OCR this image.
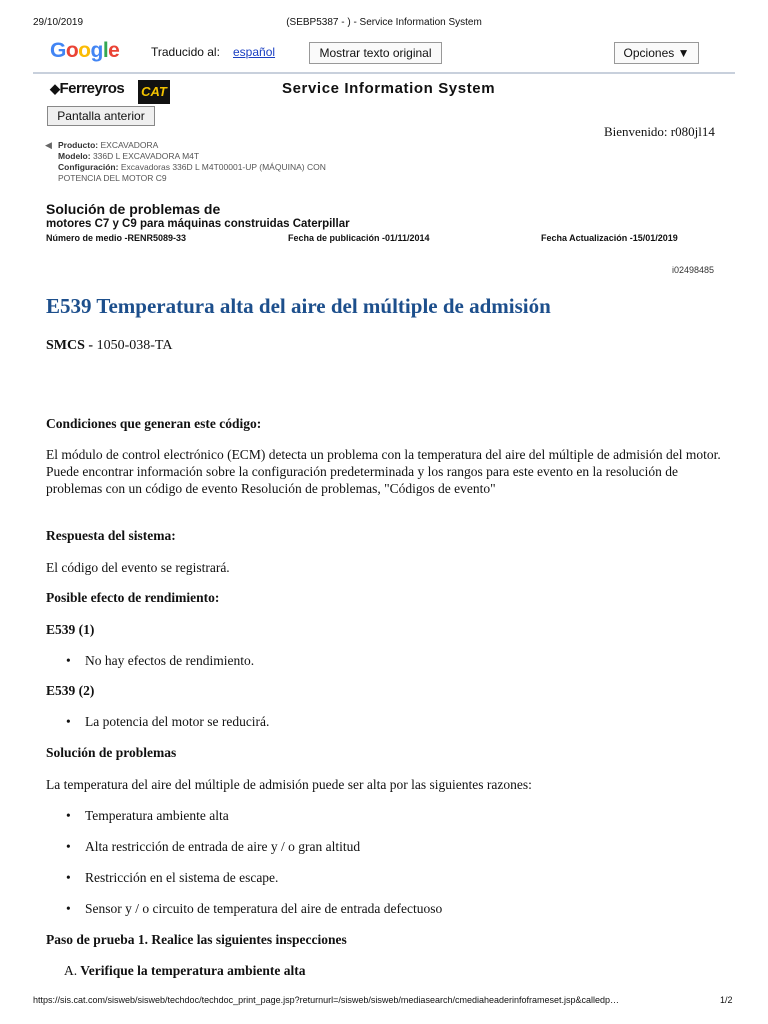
29/10/2019	(SEBP5387 - ) - Service Information System
Google	Traducido al: español	Mostrar texto original	Opciones ▼
◆Ferreyros CAT
Pantalla anterior
Service Information System
Bienvenido: r080jl14
◀ Producto: EXCAVADORA
Modelo: 336D L EXCAVADORA M4T
Configuración: Excavadoras 336D L M4T00001-UP (MÁQUINA) CON
POTENCIA DEL MOTOR C9
Solución de problemas de
motores C7 y C9 para máquinas construidas Caterpillar
Número de medio -RENR5089-33	Fecha de publicación -01/11/2014	Fecha Actualización -15/01/2019
i02498485
E539 Temperatura alta del aire del múltiple de admisión
SMCS - 1050-038-TA
Condiciones que generan este código:
El módulo de control electrónico (ECM) detecta un problema con la temperatura del aire del múltiple de admisión del motor. Puede encontrar información sobre la configuración predeterminada y los rangos para este evento en la resolución de problemas con un código de evento Resolución de problemas, "Códigos de evento"
Respuesta del sistema:
El código del evento se registrará.
Posible efecto de rendimiento:
E539 (1)
• No hay efectos de rendimiento.
E539 (2)
• La potencia del motor se reducirá.
Solución de problemas
La temperatura del aire del múltiple de admisión puede ser alta por las siguientes razones:
• Temperatura ambiente alta
• Alta restricción de entrada de aire y / o gran altitud
• Restricción en el sistema de escape.
• Sensor y / o circuito de temperatura del aire de entrada defectuoso
Paso de prueba 1. Realice las siguientes inspecciones
A. Verifique la temperatura ambiente alta
https://sis.cat.com/sisweb/sisweb/techdoc/techdoc_print_page.jsp?returnurl=/sisweb/sisweb/mediasearch/cmediaheaderinfoframeset.jsp&calledp…	1/2
